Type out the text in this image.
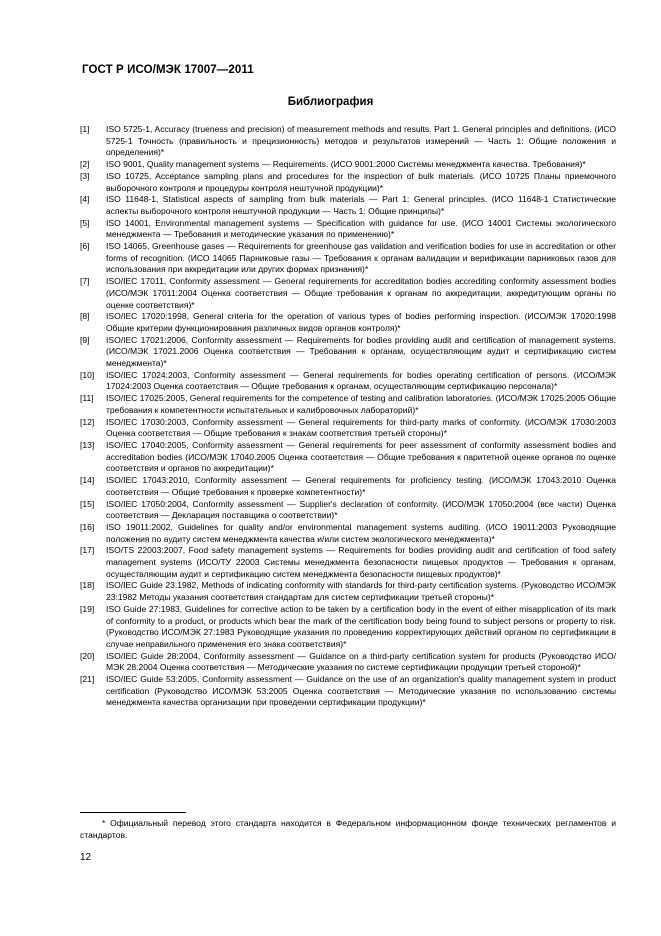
ГОСТ Р ИСО/МЭК 17007—2011
Библиография
[1] ISO 5725-1, Accuracy (trueness and precision) of measurement methods and results. Part 1. General principles and definitions. (ИСО 5725-1 Точность (правильность и прецизионность) методов и результатов измерений — Часть 1: Общие положения и определения)*
[2] ISO 9001, Quality management systems — Requirements. (ИСО 9001:2000 Системы менеджмента качества. Требования)*
[3] ISO 10725, Acceptance sampling plans and procedures for the inspection of bulk materials. (ИСО 10725 Планы приемочного выборочного контроля и процедуры контроля нештучной продукции)*
[4] ISO 11648-1, Statistical aspects of sampling from bulk materials — Part 1: General principles. (ИСО 11648-1 Статистические аспекты выборочного контроля нештучной продукции — Часть 1: Общие принципы)*
[5] ISO 14001, Environmental management systems — Specification with guidance for use. (ИСО 14001 Системы экологического менеджмента — Требования и методические указания по применению)*
[6] ISO 14065, Greenhouse gases — Requirements for greenhouse gas validation and verification bodies for use in accreditation or other forms of recognition. (ИСО 14065 Парниковые газы — Требования к органам валидации и верификации парниковых газов для использования при аккредитации или других формах признания)*
[7] ISO/IEC 17011, Conformity assessment — General requirements for accreditation bodies accrediting conformity assessment bodies (ИСО/МЭК 17011:2004 Оценка соответствия — Общие требования к органам по аккредитации, аккредитующим органы по оценке соответствия)*
[8] ISO/IEC 17020:1998, General criteria for the operation of various types of bodies performing inspection. (ИСО/МЭК 17020:1998 Общие критерии функционирования различных видов органов контроля)*
[9] ISO/IEC 17021:2006, Conformity assessment — Requirements for bodies providing audit and certification of management systems. (ИСО/МЭК 17021.2006 Оценка соответствия — Требования к органам, осуществляющим аудит и сертификацию систем менеджмента)*
[10] ISO/IEC 17024:2003, Conformity assessment — General requirements for bodies operating certification of persons. (ИСО/МЭК 17024:2003 Оценка соответствия — Общие требования к органам, осуществляющим сертификацию персонала)*
[11] ISO/IEC 17025:2005, General requirements for the competence of testing and calibration laboratories. (ИСО/МЭК 17025:2005 Общие требования к компетентности испытательных и калибровочных лабораторий)*
[12] ISO/IEC 17030:2003, Conformity assessment — General requirements for third-party marks of conformity. (ИСО/МЭК 17030:2003 Оценка соответствия — Общие требования к знакам соответствия третьей стороны)*
[13] ISO/IEC 17040:2005, Conformity assessment — General requirements for peer assessment of conformity assessment bodies and accreditation bodies (ИСО/МЭК 17040.2005 Оценка соответствия — Общие требования к паритетной оценке органов по оценке соответствия и органов по аккредитации)*
[14] ISO/IEC 17043:2010, Conformity assessment — General requirements for proficiency testing. (ИСО/МЭК 17043:2010 Оценка соответствия — Общие требования к проверке компетентности)*
[15] ISO/IEC 17050:2004, Conformity assessment — Supplier's declaration of conformity. (ИСО/МЭК 17050:2004 (все части) Оценка соответствия — Декларация поставщика о соответствии)*
[16] ISO 19011:2002, Guidelines for quality and/or environmental management systems auditing. (ИСО 19011:2003 Руководящие положения по аудиту систем менеджмента качества и/или систем экологического менеджмента)*
[17] ISO/TS 22003:2007, Food safety management systems — Requirements for bodies providing audit and certification of food safety management systems (ИСО/ТУ 22003 Системы менеджмента безопасности пищевых продуктов — Требования к органам, осуществляющим аудит и сертификацию систем менеджмента безопасности пищевых продуктов)*
[18] ISO/IEC Guide 23:1982, Methods of indicating conformity with standards for third-party certification systems. (Руководство ИСО/МЭК 23:1982 Методы указания соответствия стандартам для систем сертификации третьей стороны)*
[19] ISO Guide 27:1983, Guidelines for corrective action to be taken by a certification body in the event of either misapplication of its mark of conformity to a product, or products which bear the mark of the certification body being found to subject persons or property to risk. (Руководство ИСО/МЭК 27:1983 Руководящие указания по проведению корректирующих действий органом по сертификации в случае неправильного применения его знака соответствия)*
[20] ISO/IEC Guide 28:2004, Conformity assessment — Guidance on a third-party certification system for products (Руководство ИСО/МЭК 28:2004 Оценка соответствия — Методические указания по системе сертификации продукции третьей стороной)*
[21] ISO/IEC Guide 53:2005, Conformity assessment — Guidance on the use of an organization's quality management system in product certification (Руководство ИСО/МЭК 53:2005 Оценка соответствия — Методические указания по использованию системы менеджмента качества организации при проведении сертификации продукции)*
* Официальный перевод этого стандарта находится в Федеральном информационном фонде технических регламентов и стандартов.
12
